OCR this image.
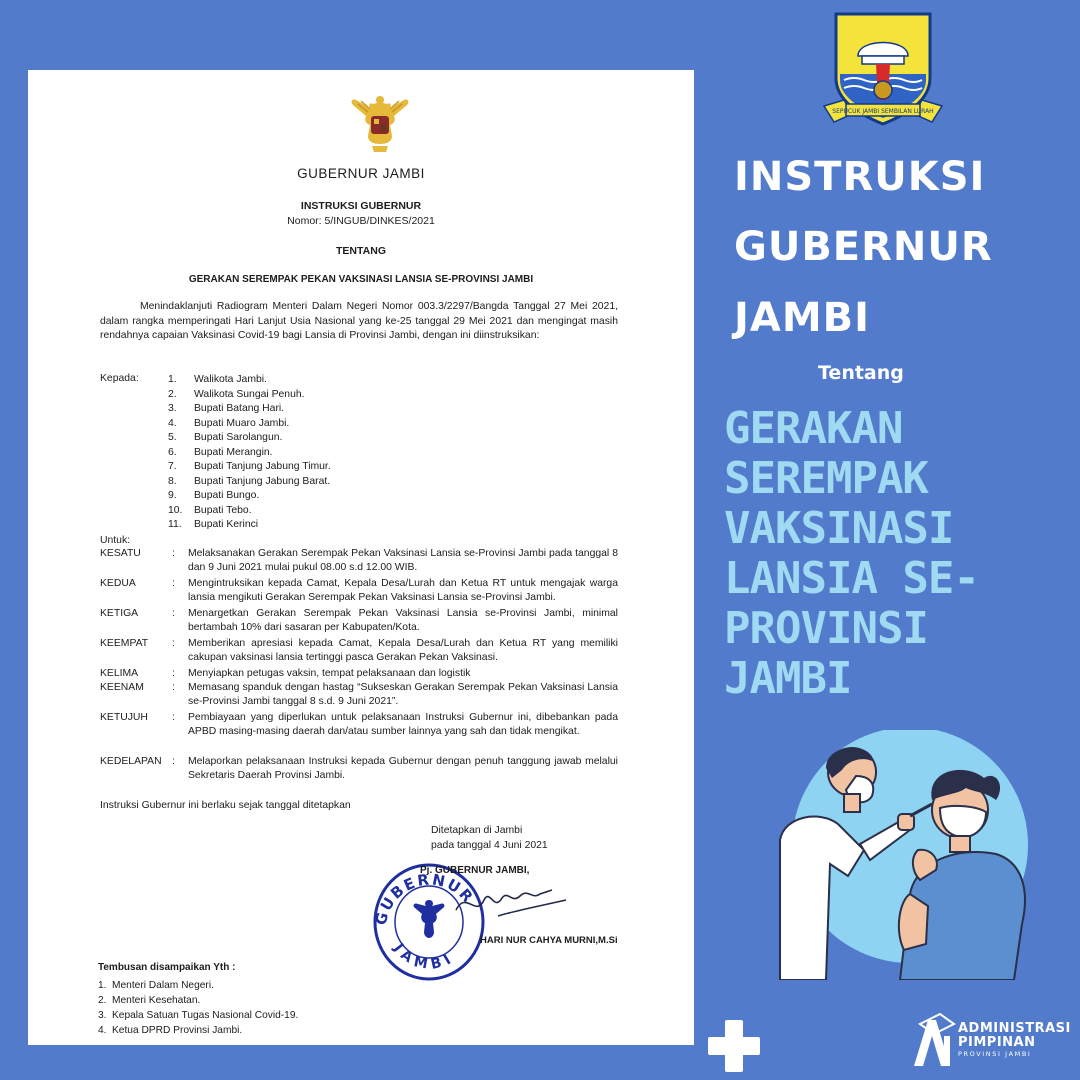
GUBERNUR JAMBI
INSTRUKSI GUBERNUR
Nomor: 5/INGUB/DINKES/2021
TENTANG
GERAKAN SEREMPAK PEKAN VAKSINASI LANSIA SE-PROVINSI JAMBI
Menindaklanjuti Radiogram Menteri Dalam Negeri Nomor 003.3/2297/Bangda Tanggal 27 Mei 2021, dalam rangka memperingati Hari Lanjut Usia Nasional yang ke-25 tanggal 29 Mei 2021 dan mengingat masih rendahnya capaian Vaksinasi Covid-19 bagi Lansia di Provinsi Jambi, dengan ini diinstruksikan:
Kepada:	1. Walikota Jambi.
2. Walikota Sungai Penuh.
3. Bupati Batang Hari.
4. Bupati Muaro Jambi.
5. Bupati Sarolangun.
6. Bupati Merangin.
7. Bupati Tanjung Jabung Timur.
8. Bupati Tanjung Jabung Barat.
9. Bupati Bungo.
10. Bupati Tebo.
11. Bupati Kerinci
Untuk:
KESATU	: Melaksanakan Gerakan Serempak Pekan Vaksinasi Lansia se-Provinsi Jambi pada tanggal 8 dan 9 Juni 2021 mulai pukul 08.00 s.d 12.00 WIB.
KEDUA	: Mengintruksikan kepada Camat, Kepala Desa/Lurah dan Ketua RT untuk mengajak warga lansia mengikuti Gerakan Serempak Pekan Vaksinasi Lansia se-Provinsi Jambi.
KETIGA	: Menargetkan Gerakan Serempak Pekan Vaksinasi Lansia se-Provinsi Jambi, minimal bertambah 10% dari sasaran per Kabupaten/Kota.
KEEMPAT : Memberikan apresiasi kepada Camat, Kepala Desa/Lurah dan Ketua RT yang memiliki cakupan vaksinasi lansia tertinggi pasca Gerakan Pekan Vaksinasi.
KELIMA	: Menyiapkan petugas vaksin, tempat pelaksanaan dan logistik
KEENAM	: Memasang spanduk dengan hastag “Sukseskan Gerakan Serempak Pekan Vaksinasi Lansia se-Provinsi Jambi tanggal 8 s.d. 9 Juni 2021”.
KETUJUH : Pembiayaan yang diperlukan untuk pelaksanaan Instruksi Gubernur ini, dibebankan pada APBD masing-masing daerah dan/atau sumber lainnya yang sah dan tidak mengikat.
KEDELAPAN : Melaporkan pelaksanaan Instruksi kepada Gubernur dengan penuh tanggung jawab melalui Sekretaris Daerah Provinsi Jambi.
Instruksi Gubernur ini berlaku sejak tanggal ditetapkan
Ditetapkan di Jambi
pada tanggal 4 Juni 2021
GUBERNUR
JAMBI
Pj. GUBERNUR JAMBI,
HARI NUR CAHYA MURNI,M.Si
Tembusan disampaikan Yth :
1. Menteri Dalam Negeri.
2. Menteri Kesehatan.
3. Kepala Satuan Tugas Nasional Covid-19.
4. Ketua DPRD Provinsi Jambi.
SEPUCUK JAMBI SEMBILAN LURAH
INSTRUKSI
GUBERNUR
JAMBI
Tentang
GERAKAN
SEREMPAK
VAKSINASI
LANSIA SE-
PROVINSI
JAMBI
ADMINISTRASI
PIMPINAN
PROVINSI JAMBI
